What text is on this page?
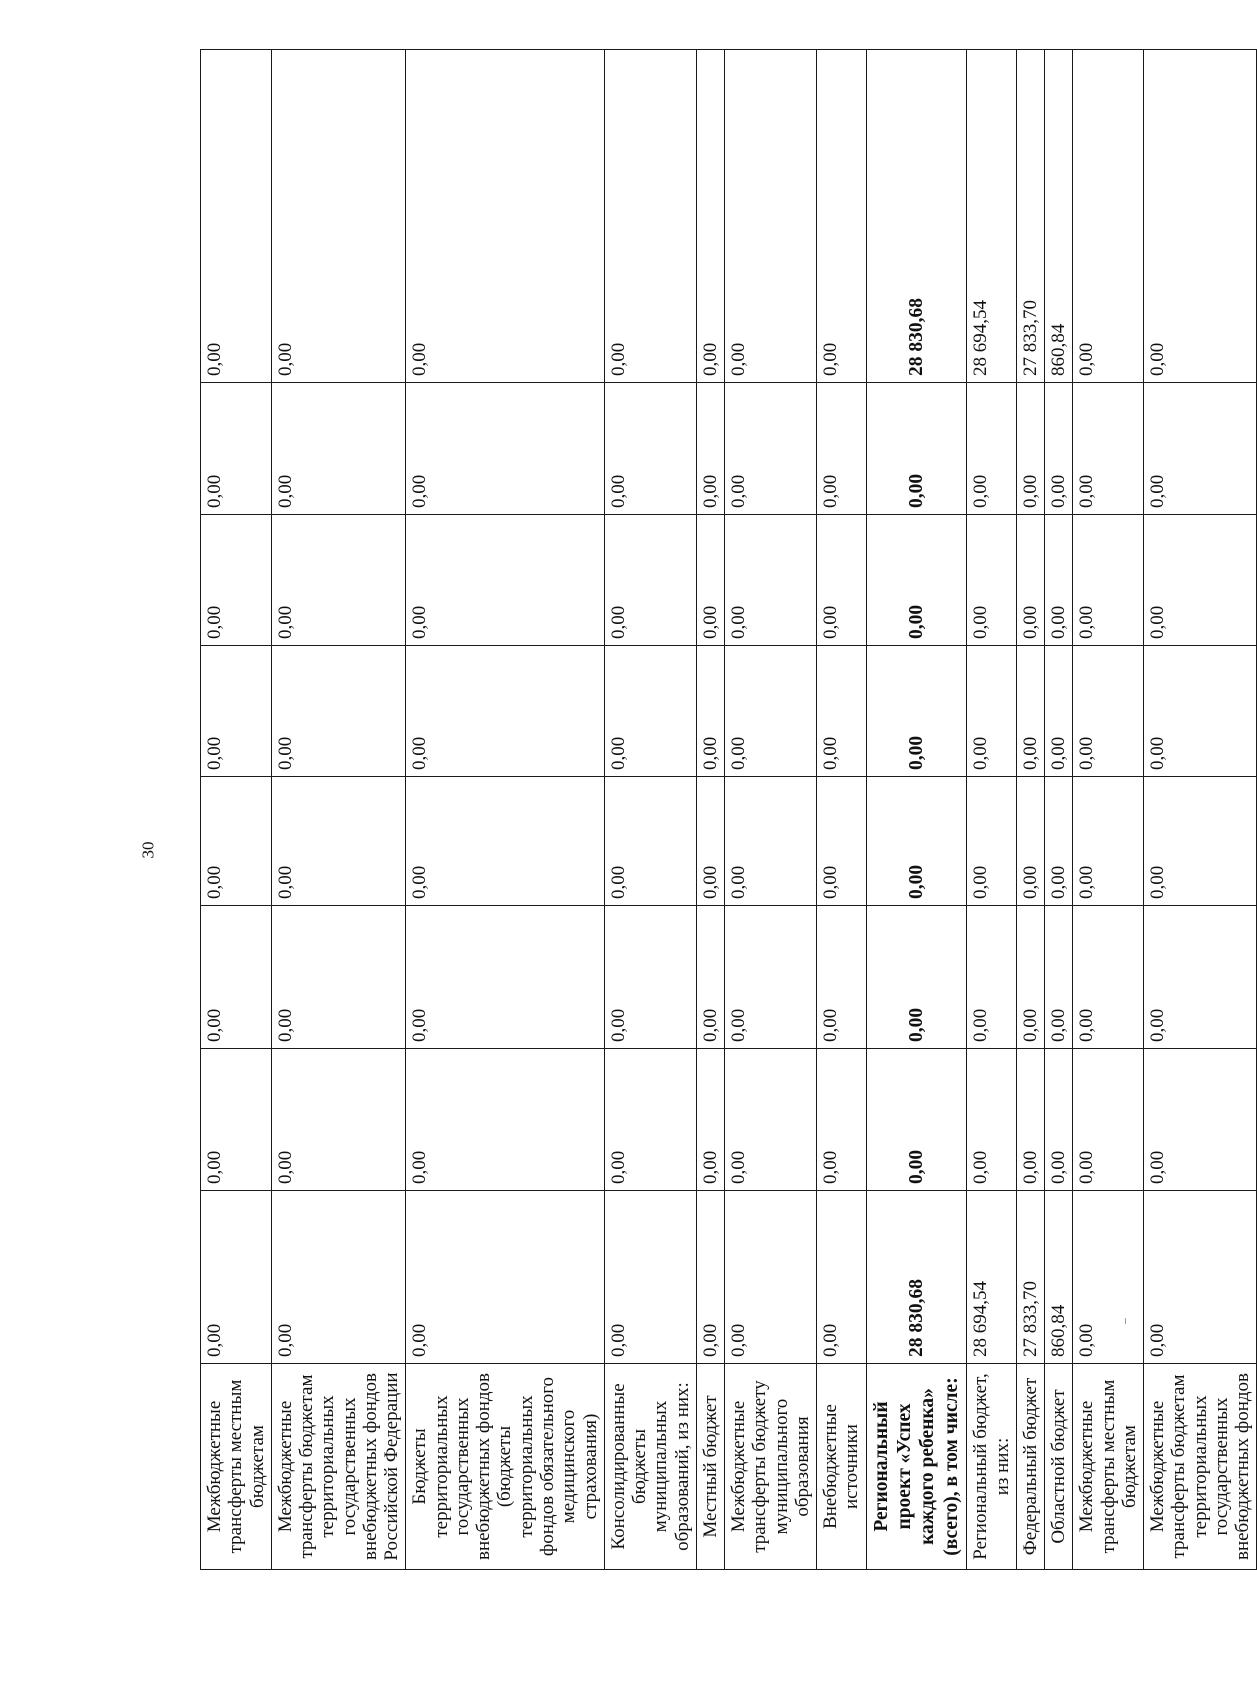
30
Межбюджетные трансферты местным бюджетам	0,00	0,00	0,00	0,00	0,00	0,00	0,00	0,00
Межбюджетные трансферты бюджетам территориальных государственных внебюджетных фондов Российской Федерации	0,00	0,00	0,00	0,00	0,00	0,00	0,00	0,00
Бюджеты территориальных государственных внебюджетных фондов (бюджеты территориальных фондов обязательного медицинского страхования)	0,00	0,00	0,00	0,00	0,00	0,00	0,00	0,00
Консолидированные бюджеты муниципальных образований, из них:	0,00	0,00	0,00	0,00	0,00	0,00	0,00	0,00
Местный бюджет	0,00	0,00	0,00	0,00	0,00	0,00	0,00	0,00
Межбюджетные трансферты бюджету муниципального образования	0,00	0,00	0,00	0,00	0,00	0,00	0,00	0,00
Внебюджетные источники	0,00	0,00	0,00	0,00	0,00	0,00	0,00	0,00
Региональный проект «Успех каждого ребенка» (всего), в том числе:	28 830,68	0,00	0,00	0,00	0,00	0,00	0,00	28 830,68
Региональный бюджет, из них:	28 694,54	0,00	0,00	0,00	0,00	0,00	0,00	28 694,54
Федеральный бюджет	27 833,70	0,00	0,00	0,00	0,00	0,00	0,00	27 833,70
Областной бюджет	860,84	0,00	0,00	0,00	0,00	0,00	0,00	860,84
Межбюджетные трансферты местным бюджетам	0,00	0,00	0,00	0,00	0,00	0,00	0,00	0,00
Межбюджетные трансферты бюджетам территориальных государственных внебюджетных фондов	0,00	0,00	0,00	0,00	0,00	0,00	0,00	0,00
